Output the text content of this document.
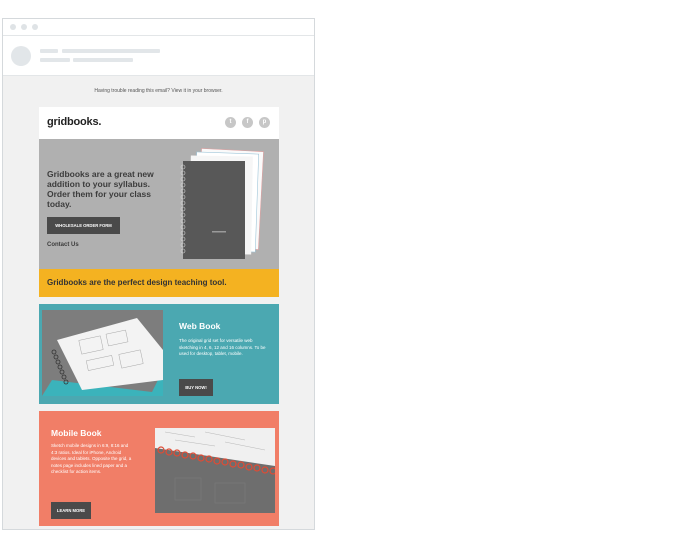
Having trouble reading this email? View it in your browser.
gridbooks.	t	f	p
Gridbooks are a great new addition to your syllabus. Order them for your class today.
WHOLESALE ORDER FORM
Contact Us
Gridbooks are the perfect design teaching tool.
Web Book
The original grid set for versatile web sketching in 4, 6, 12 and 16 columns. To be used for desktop, tablet, mobile.
BUY NOW!
Mobile Book
Sketch mobile designs in 6:9, 8:16 and 4:3 ratios. Ideal for iPhone, Android devices and tablets. Opposite the grid, a notes page includes lined paper and a checklist for action items.
LEARN MORE
